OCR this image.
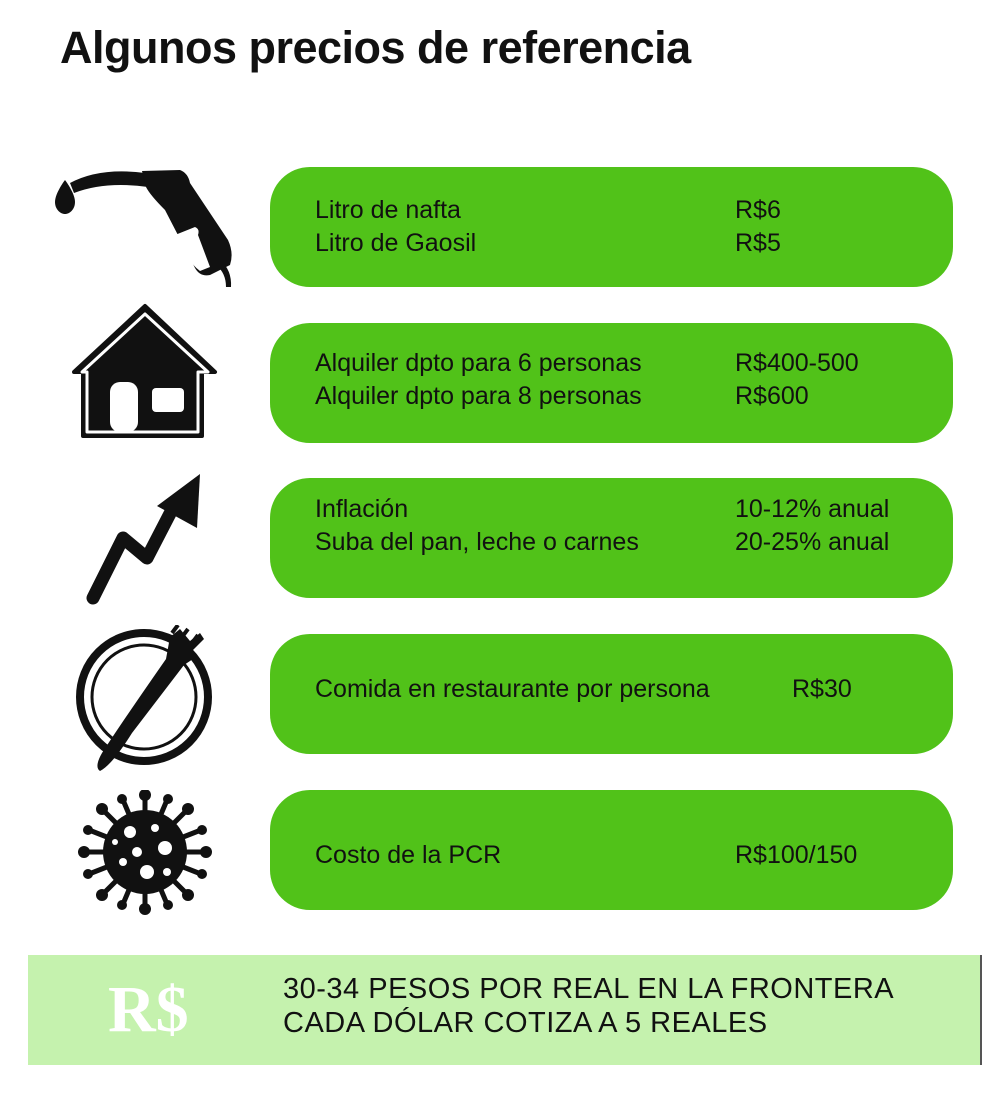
Algunos precios de referencia
Litro de nafta	R$6
Litro de Gaosil	R$5
Alquiler dpto para 6 personas	R$400-500
Alquiler dpto para 8 personas	R$600
Inflación	10-12% anual
Suba del pan, leche o carnes	20-25% anual
Comida en restaurante por persona	R$30
Costo de la PCR	R$100/150
R$	30-34 PESOS POR REAL EN LA FRONTERA
CADA DÓLAR COTIZA A 5 REALES
